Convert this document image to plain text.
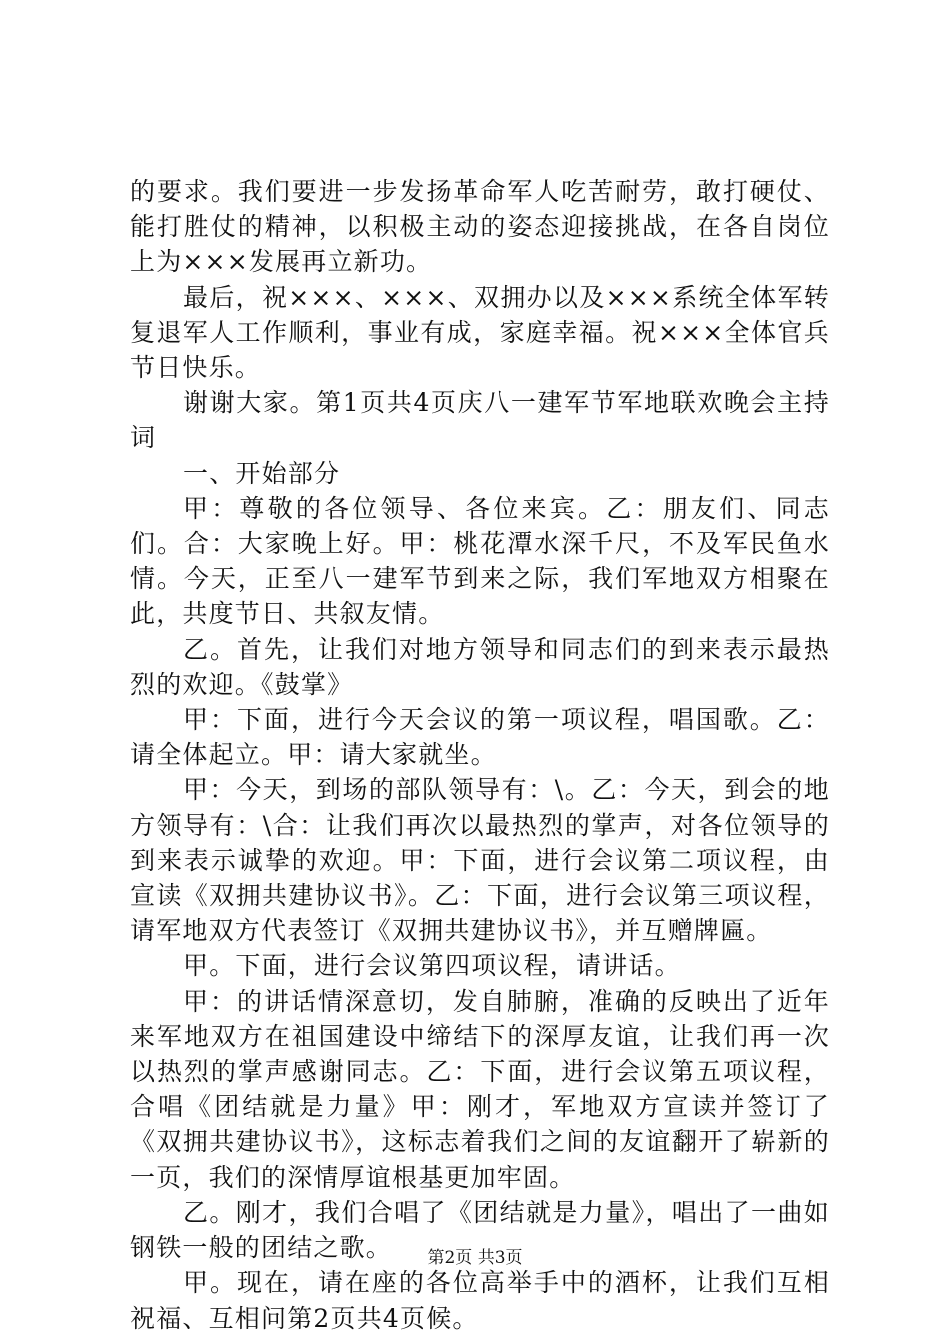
的要求。我们要进一步发扬革命军人吃苦耐劳，敢打硬仗、能打胜仗的精神，以积极主动的姿态迎接挑战，在各自岗位上为×××发展再立新功。

最后，祝×××、×××、双拥办以及×××系统全体军转复退军人工作顺利，事业有成，家庭幸福。祝×××全体官兵节日快乐。

谢谢大家。第1页共4页庆八一建军节军地联欢晚会主持词

一、开始部分

甲：尊敬的各位领导、各位来宾。乙：朋友们、同志们。合：大家晚上好。甲：桃花潭水深千尺，不及军民鱼水情。今天，正至八一建军节到来之际，我们军地双方相聚在此，共度节日、共叙友情。

乙。首先，让我们对地方领导和同志们的到来表示最热烈的欢迎。《鼓掌》

甲：下面，进行今天会议的第一项议程，唱国歌。乙：请全体起立。甲：请大家就坐。

甲：今天，到场的部队领导有：\。乙：今天，到会的地方领导有：\合：让我们再次以最热烈的掌声，对各位领导的到来表示诚挚的欢迎。甲：下面，进行会议第二项议程，由宣读《双拥共建协议书》。乙：下面，进行会议第三项议程，请军地双方代表签订《双拥共建协议书》，并互赠牌匾。

甲。下面，进行会议第四项议程，请讲话。

甲：的讲话情深意切，发自肺腑，准确的反映出了近年来军地双方在祖国建设中缔结下的深厚友谊，让我们再一次以热烈的掌声感谢同志。乙：下面，进行会议第五项议程，合唱《团结就是力量》甲：刚才，军地双方宣读并签订了《双拥共建协议书》，这标志着我们之间的友谊翻开了崭新的一页，我们的深情厚谊根基更加牢固。

乙。刚才，我们合唱了《团结就是力量》，唱出了一曲如钢铁一般的团结之歌。

甲。现在，请在座的各位高举手中的酒杯，让我们互相祝福、互相问第2页共4页候。

第2页 共3页
